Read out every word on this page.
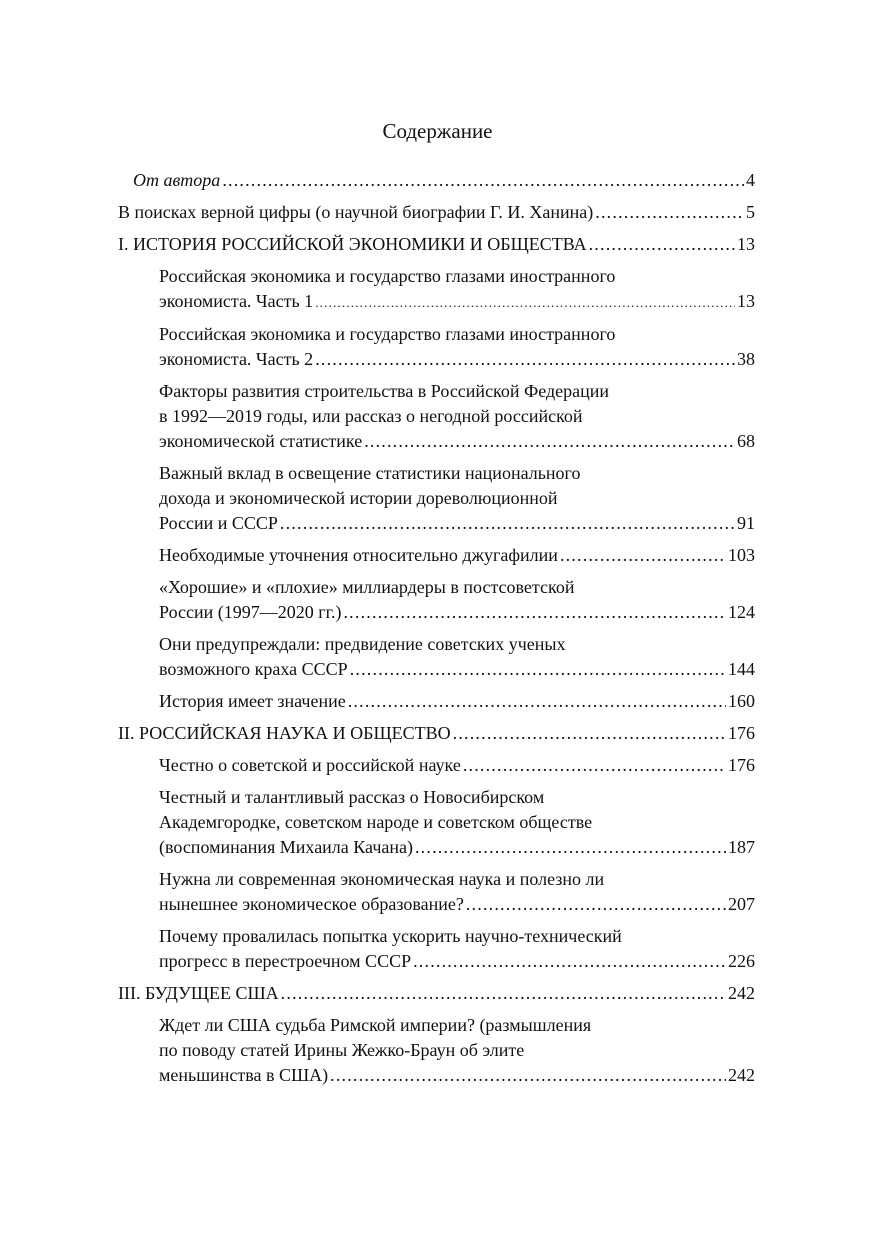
Содержание
От автора .....	4
В поисках верной цифры (о научной биографии Г. И. Ханина) .....	5
I. ИСТОРИЯ РОССИЙСКОЙ ЭКОНОМИКИ И ОБЩЕСТВА .....	13
Российская экономика и государство глазами иностранного
экономиста. Часть 1 .....	13
Российская экономика и государство глазами иностранного
экономиста. Часть 2 .....	38
Факторы развития строительства в Российской Федерации
в 1992—2019 годы, или рассказ о негодной российской
экономической статистике .....	68
Важный вклад в освещение статистики национального
дохода и экономической истории дореволюционной
России и СССР .....	91
Необходимые уточнения относительно джугафилии .....	103
«Хорошие» и «плохие» миллиардеры в постсоветской
России (1997—2020 гг.) .....	124
Они предупреждали: предвидение советских ученых
возможного краха СССР .....	144
История имеет значение .....	160
II. РОССИЙСКАЯ НАУКА И ОБЩЕСТВО .....	176
Честно о советской и российской науке .....	176
Честный и талантливый рассказ о Новосибирском
Академгородке, советском народе и советском обществе
(воспоминания Михаила Качана) .....	187
Нужна ли современная экономическая наука и полезно ли
нынешнее экономическое образование? .....	207
Почему провалилась попытка ускорить научно-технический
прогресс в перестроечном СССР .....	226
III. БУДУЩЕЕ США .....	242
Ждет ли США судьба Римской империи? (размышления
по поводу статей Ирины Жежко-Браун об элите
меньшинства в США) .....	242
